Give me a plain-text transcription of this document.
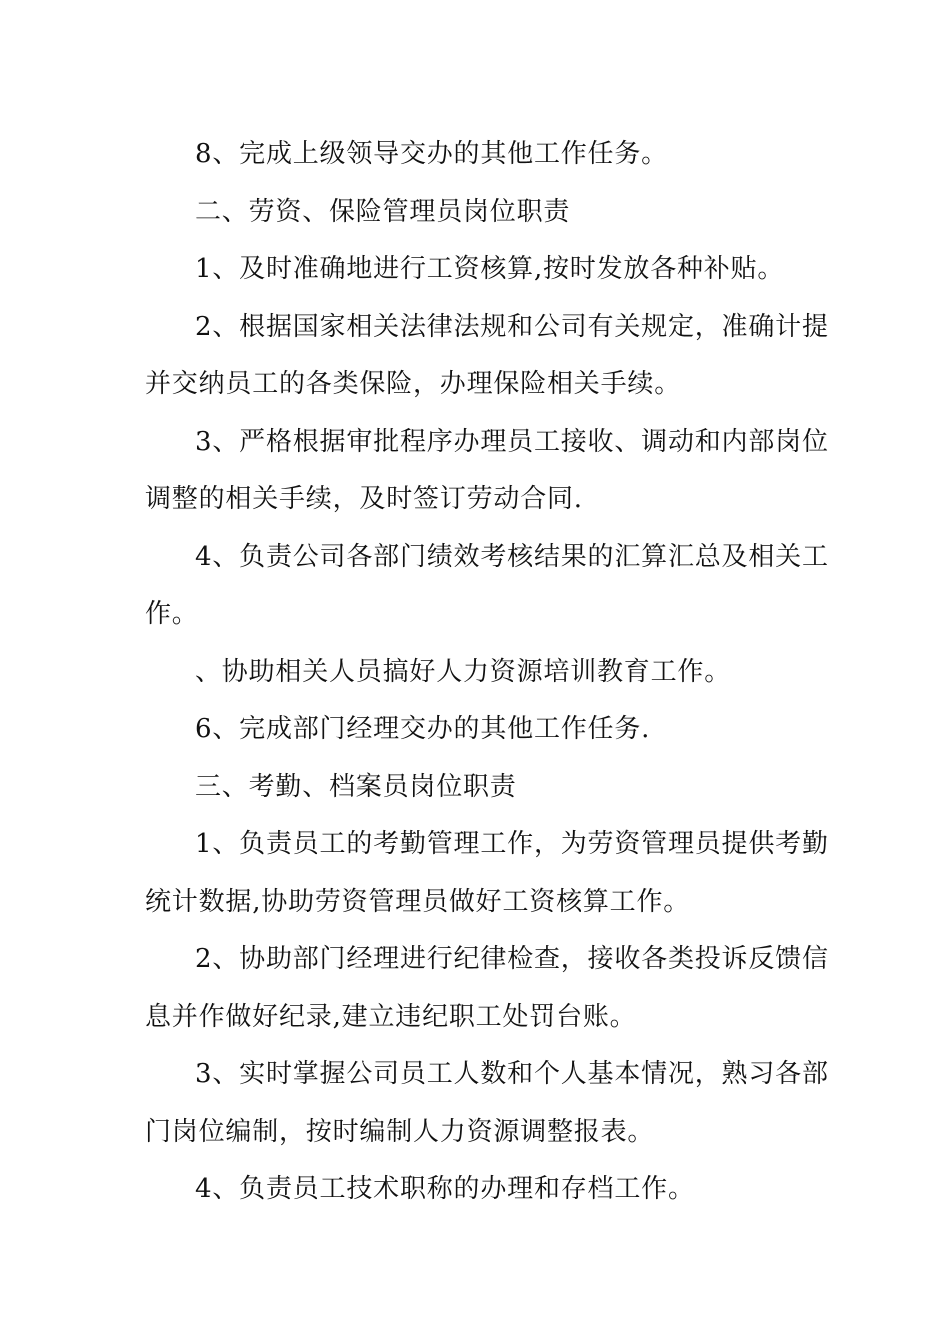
8、完成上级领导交办的其他工作任务。

二、劳资、保险管理员岗位职责

1、及时准确地进行工资核算,按时发放各种补贴。

2、根据国家相关法律法规和公司有关规定，准确计提

并交纳员工的各类保险，办理保险相关手续。

3、严格根据审批程序办理员工接收、调动和内部岗位

调整的相关手续，及时签订劳动合同.

4、负责公司各部门绩效考核结果的汇算汇总及相关工

作。

、协助相关人员搞好人力资源培训教育工作。

6、完成部门经理交办的其他工作任务.

三、考勤、档案员岗位职责

1、负责员工的考勤管理工作，为劳资管理员提供考勤

统计数据,协助劳资管理员做好工资核算工作。

2、协助部门经理进行纪律检查，接收各类投诉反馈信

息并作做好纪录,建立违纪职工处罚台账。

3、实时掌握公司员工人数和个人基本情况，熟习各部

门岗位编制，按时编制人力资源调整报表。

4、负责员工技术职称的办理和存档工作。
